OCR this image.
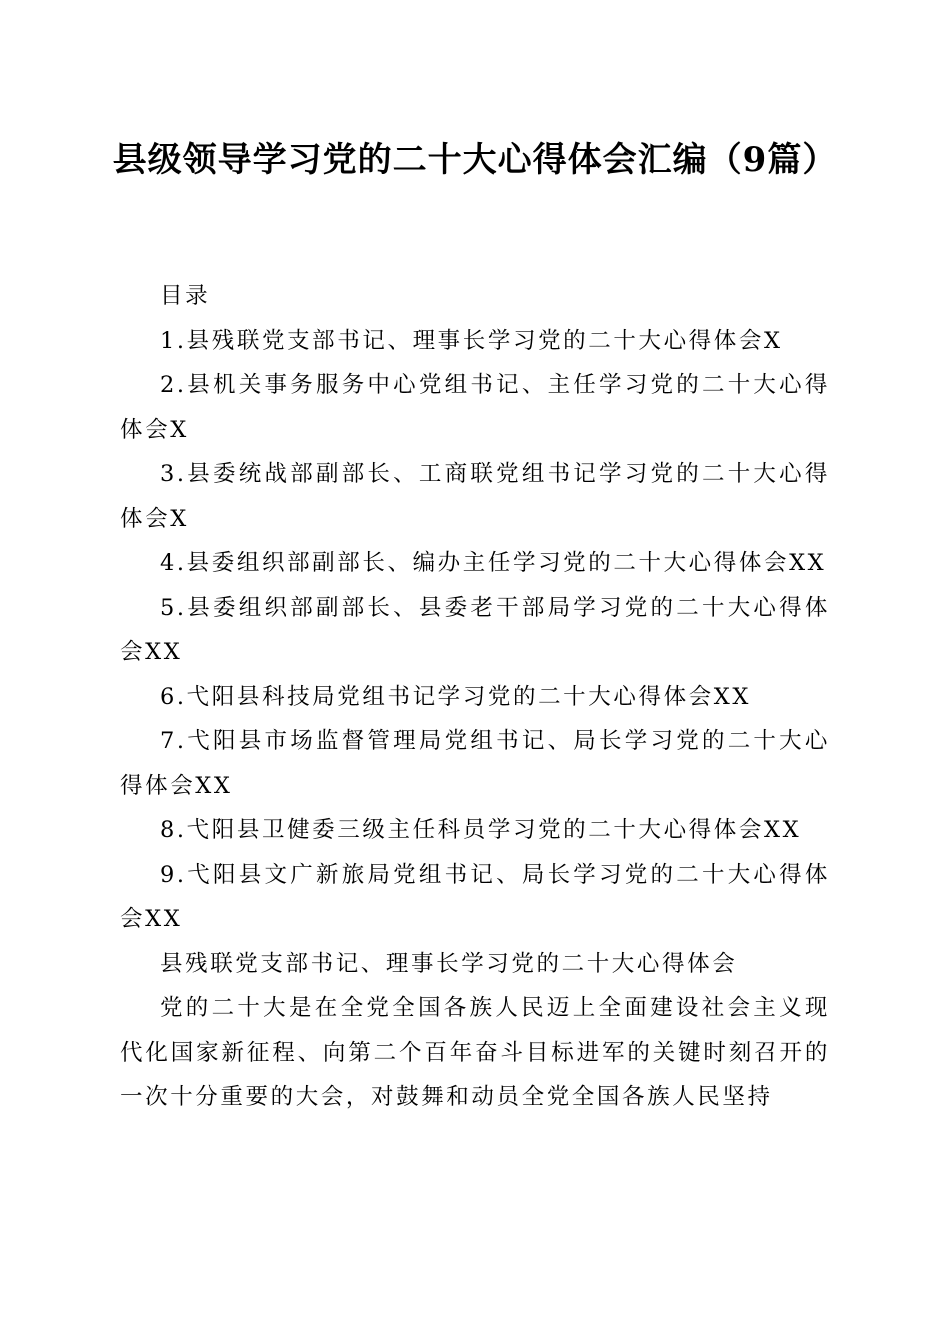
县级领导学习党的二十大心得体会汇编（9篇）

目录

1.县残联党支部书记、理事长学习党的二十大心得体会X

2.县机关事务服务中心党组书记、主任学习党的二十大心得体会X

3.县委统战部副部长、工商联党组书记学习党的二十大心得体会X

4.县委组织部副部长、编办主任学习党的二十大心得体会XX

5.县委组织部副部长、县委老干部局学习党的二十大心得体会XX

6.弋阳县科技局党组书记学习党的二十大心得体会XX

7.弋阳县市场监督管理局党组书记、局长学习党的二十大心得体会XX

8.弋阳县卫健委三级主任科员学习党的二十大心得体会XX

9.弋阳县文广新旅局党组书记、局长学习党的二十大心得体会XX

县残联党支部书记、理事长学习党的二十大心得体会

党的二十大是在全党全国各族人民迈上全面建设社会主义现代化国家新征程、向第二个百年奋斗目标进军的关键时刻召开的一次十分重要的大会，对鼓舞和动员全党全国各族人民坚持
